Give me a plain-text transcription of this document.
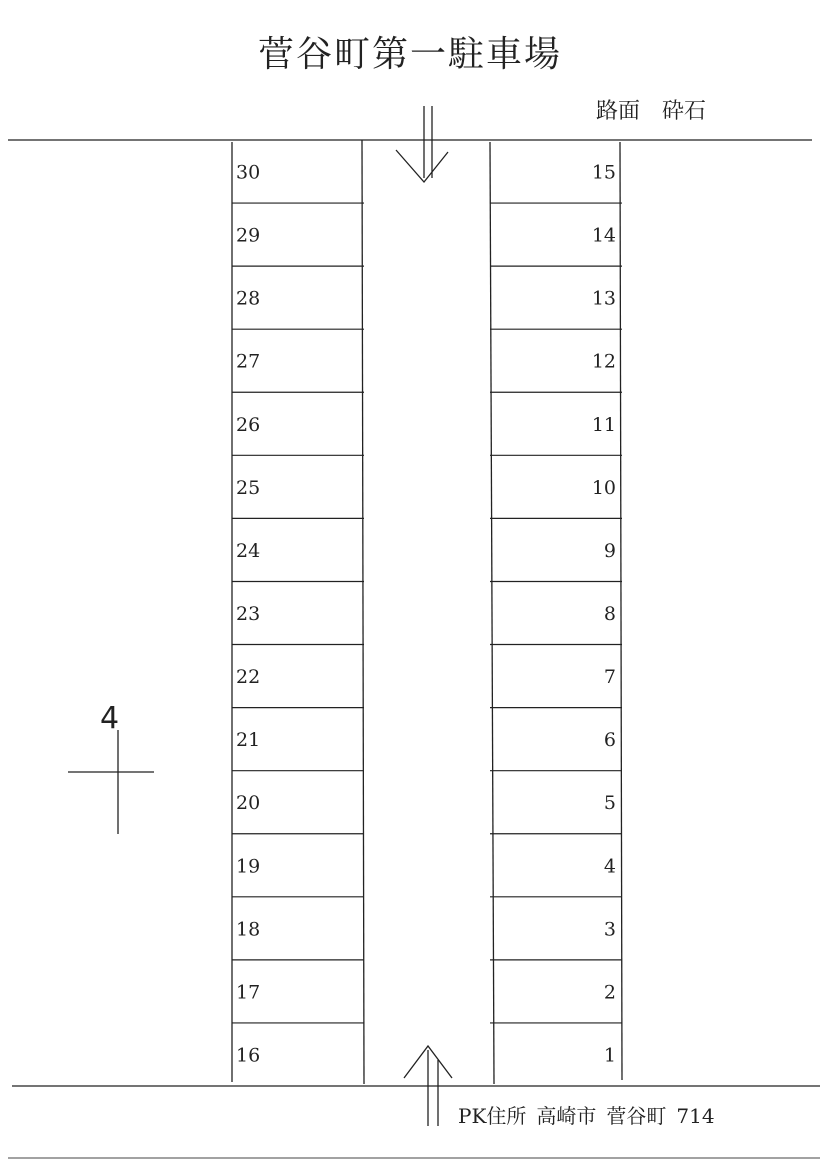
菅谷町第一駐車場
路面 砕石
30
29
28
27
26
25
24
23
22
21
20
19
18
17
16
15
14
13
12
11
10
9
8
7
6
5
4
3
2
1
4
PK住所 高崎市 菅谷町 714
